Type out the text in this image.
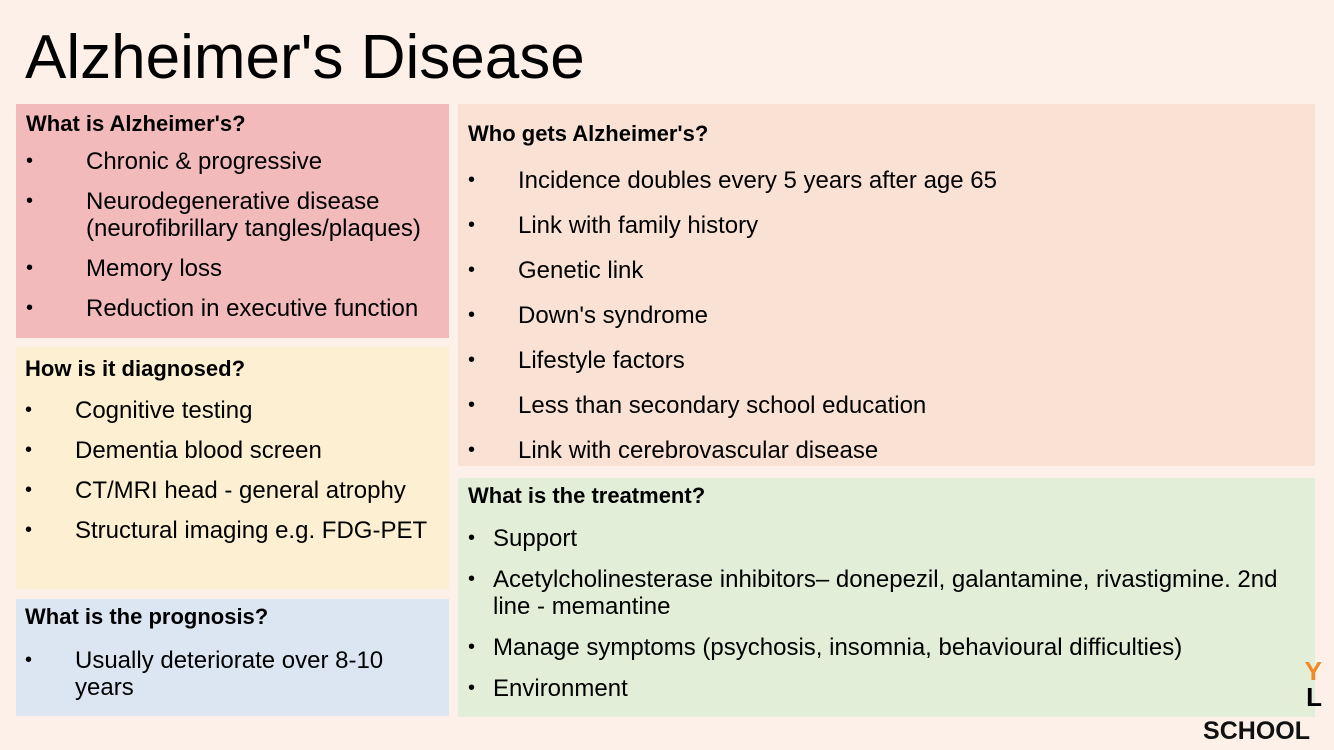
Alzheimer's Disease
What is Alzheimer's?
• Chronic & progressive
• Neurodegenerative disease (neurofibrillary tangles/plaques)
• Memory loss
• Reduction in executive function
How is it diagnosed?
• Cognitive testing
• Dementia blood screen
• CT/MRI head - general atrophy
• Structural imaging e.g. FDG-PET
What is the prognosis?
• Usually deteriorate over 8-10 years
Who gets Alzheimer's?
• Incidence doubles every 5 years after age 65
• Link with family history
• Genetic link
• Down's syndrome
• Lifestyle factors
• Less than secondary school education
• Link with cerebrovascular disease
What is the treatment?
• Support
• Acetylcholinesterase inhibitors– donepezil, galantamine, rivastigmine. 2nd line - memantine
• Manage symptoms (psychosis, insomnia, behavioural difficulties)
• Environment
Y
L
SCHOOL
